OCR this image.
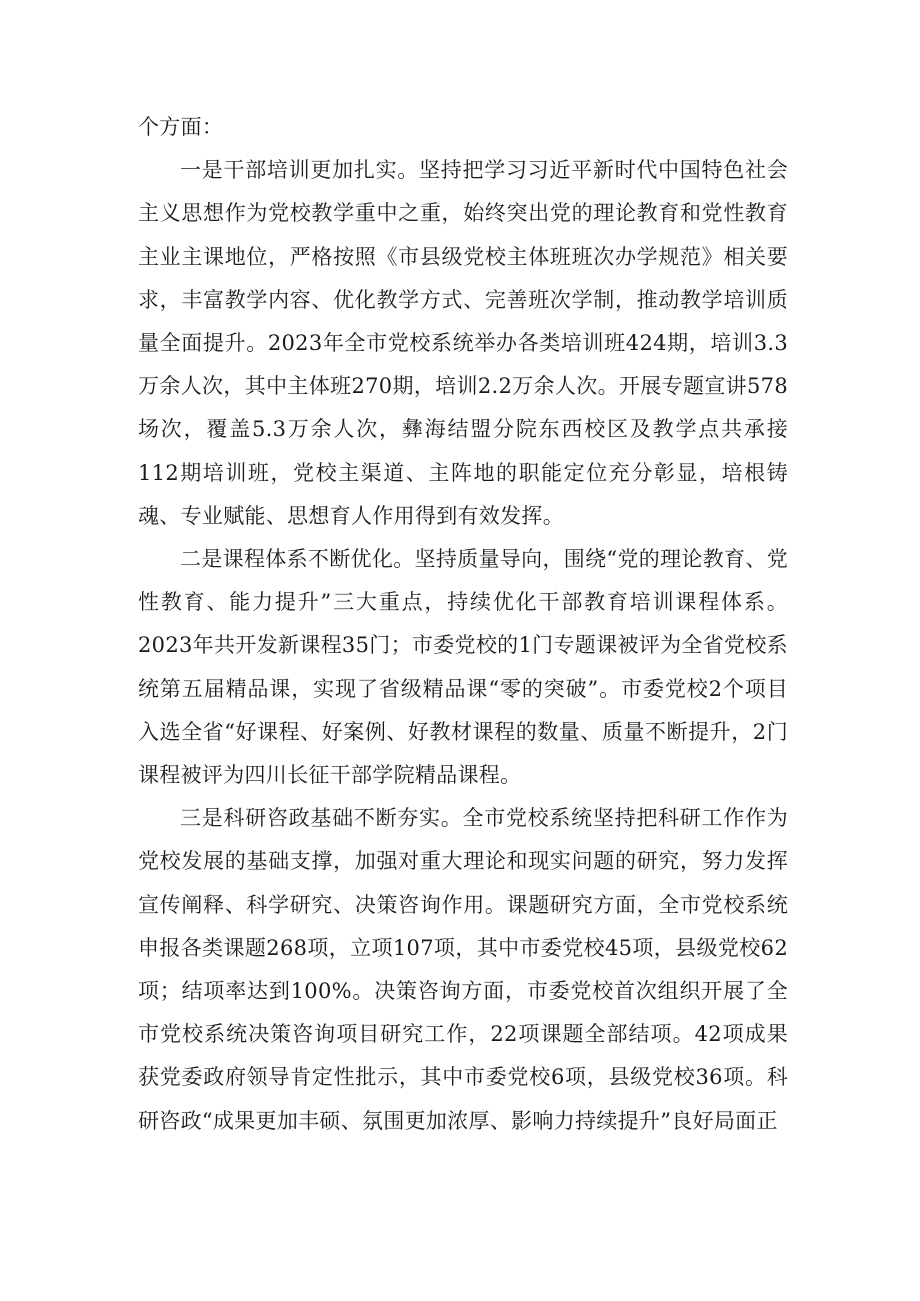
个方面：

一是干部培训更加扎实。坚持把学习习近平新时代中国特色社会主义思想作为党校教学重中之重，始终突出党的理论教育和党性教育主业主课地位，严格按照《市县级党校主体班班次办学规范》相关要求，丰富教学内容、优化教学方式、完善班次学制，推动教学培训质量全面提升。2023年全市党校系统举办各类培训班424期，培训3.3万余人次，其中主体班270期，培训2.2万余人次。开展专题宣讲578场次，覆盖5.3万余人次，彝海结盟分院东西校区及教学点共承接112期培训班，党校主渠道、主阵地的职能定位充分彰显，培根铸魂、专业赋能、思想育人作用得到有效发挥。

二是课程体系不断优化。坚持质量导向，围绕“党的理论教育、党性教育、能力提升”三大重点，持续优化干部教育培训课程体系。2023年共开发新课程35门；市委党校的1门专题课被评为全省党校系统第五届精品课，实现了省级精品课“零的突破”。市委党校2个项目入选全省“好课程、好案例、好教材课程的数量、质量不断提升，2门课程被评为四川长征干部学院精品课程。

三是科研咨政基础不断夯实。全市党校系统坚持把科研工作作为党校发展的基础支撑，加强对重大理论和现实问题的研究，努力发挥宣传阐释、科学研究、决策咨询作用。课题研究方面，全市党校系统申报各类课题268项，立项107项，其中市委党校45项，县级党校62项；结项率达到100%。决策咨询方面，市委党校首次组织开展了全市党校系统决策咨询项目研究工作，22项课题全部结项。42项成果获党委政府领导肯定性批示，其中市委党校6项，县级党校36项。科研咨政“成果更加丰硕、氛围更加浓厚、影响力持续提升”良好局面正
